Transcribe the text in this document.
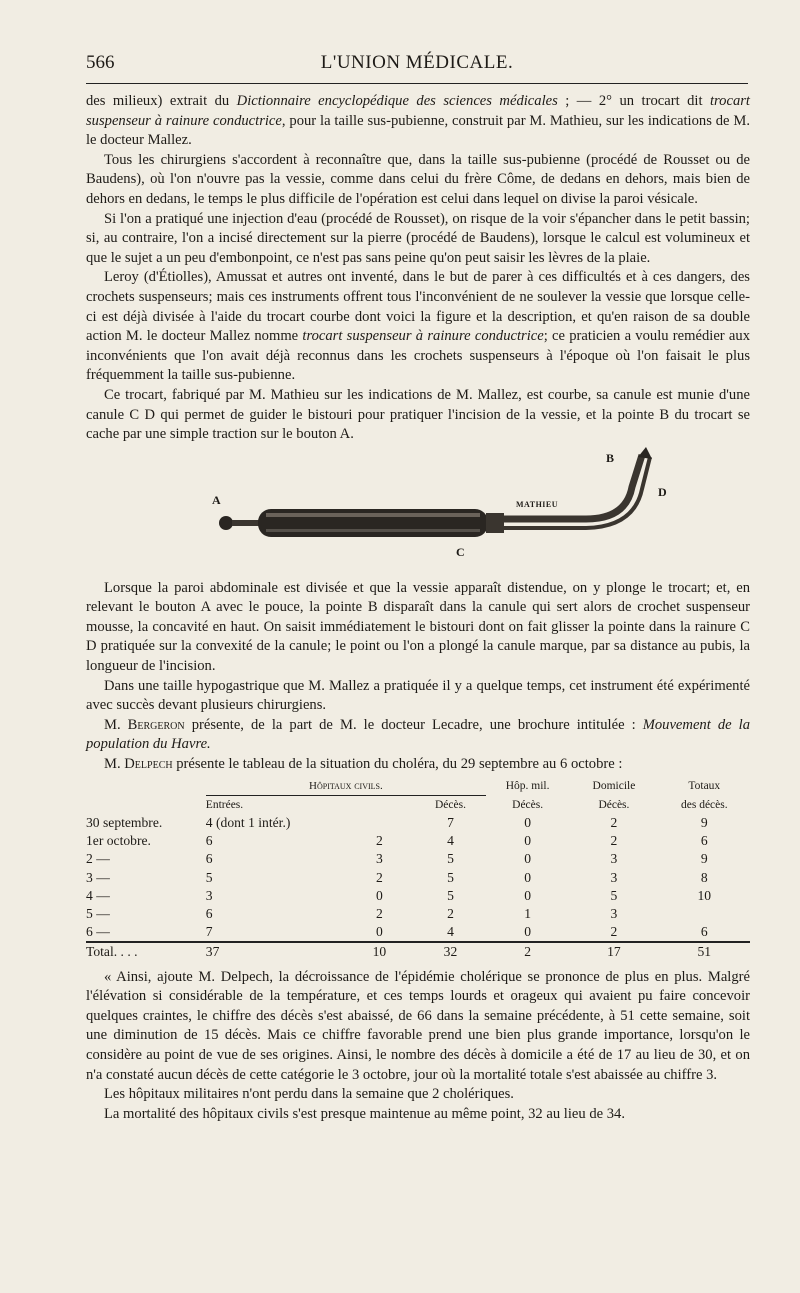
566	L'UNION MÉDICALE.

des milieux) extrait du Dictionnaire encyclopédique des sciences médicales ; — 2° un trocart dit trocart suspenseur à rainure conductrice, pour la taille sus-pubienne, construit par M. Mathieu, sur les indications de M. le docteur Mallez.

Tous les chirurgiens s'accordent à reconnaître que, dans la taille sus-pubienne (procédé de Rousset ou de Baudens), où l'on n'ouvre pas la vessie, comme dans celui du frère Côme, de dedans en dehors, mais bien de dehors en dedans, le temps le plus difficile de l'opération est celui dans lequel on divise la paroi vésicale.

Si l'on a pratiqué une injection d'eau (procédé de Rousset), on risque de la voir s'épancher dans le petit bassin; si, au contraire, l'on a incisé directement sur la pierre (procédé de Baudens), lorsque le calcul est volumineux et que le sujet a un peu d'embonpoint, ce n'est pas sans peine qu'on peut saisir les lèvres de la plaie.

Leroy (d'Étiolles), Amussat et autres ont inventé, dans le but de parer à ces difficultés et à ces dangers, des crochets suspenseurs; mais ces instruments offrent tous l'inconvénient de ne soulever la vessie que lorsque celle-ci est déjà divisée à l'aide du trocart courbe dont voici la figure et la description, et qu'en raison de sa double action M. le docteur Mallez nomme trocart suspenseur à rainure conductrice; ce praticien a voulu remédier aux inconvénients que l'on avait déjà reconnus dans les crochets suspenseurs à l'époque où l'on faisait le plus fréquemment la taille sus-pubienne.

Ce trocart, fabriqué par M. Mathieu sur les indications de M. Mallez, est courbe, sa canule est munie d'une canule C D qui permet de guider le bistouri pour pratiquer l'incision de la vessie, et la pointe B du trocart se cache par une simple traction sur le bouton A.

A
B
C
D
MATHIEU

Lorsque la paroi abdominale est divisée et que la vessie apparaît distendue, on y plonge le trocart; et, en relevant le bouton A avec le pouce, la pointe B disparaît dans la canule qui sert alors de crochet suspenseur mousse, la concavité en haut. On saisit immédiatement le bistouri dont on fait glisser la pointe dans la rainure C D pratiquée sur la convexité de la canule; le point ou l'on a plongé la canule marque, par sa distance au pubis, la longueur de l'incision.

Dans une taille hypogastrique que M. Mallez a pratiquée il y a quelque temps, cet instrument été expérimenté avec succès devant plusieurs chirurgiens.

M. Bergeron présente, de la part de M. le docteur Lecadre, une brochure intitulée : Mouvement de la population du Havre.

M. Delpech présente le tableau de la situation du choléra, du 29 septembre au 6 octobre :

	Hôpitaux civils.			Hôp. mil.	Domicile	Totaux
	Entrées.		Décès.	Décès.	Décès.	des décès.
30 septembre.	4 (dont 1 intér.)		7	0	2	9
1er octobre.	6	2	4	0	2	6
2 —	6	3	5	0	3	9
3 —	5	2	5	0	3	8
4 —	3	0	5	0	5	10
5 —	6	2	2	1	3	
6 —	7	0	4	0	2	6
Total. . . .	37	10	32	2	17	51

« Ainsi, ajoute M. Delpech, la décroissance de l'épidémie cholérique se prononce de plus en plus. Malgré l'élévation si considérable de la température, et ces temps lourds et orageux qui avaient pu faire concevoir quelques craintes, le chiffre des décès s'est abaissé, de 66 dans la semaine précédente, à 51 cette semaine, soit une diminution de 15 décès. Mais ce chiffre favorable prend une bien plus grande importance, lorsqu'on le considère au point de vue de ses origines. Ainsi, le nombre des décès à domicile a été de 17 au lieu de 30, et on n'a constaté aucun décès de cette catégorie le 3 octobre, jour où la mortalité totale s'est abaissée au chiffre 3.

Les hôpitaux militaires n'ont perdu dans la semaine que 2 cholériques.

La mortalité des hôpitaux civils s'est presque maintenue au même point, 32 au lieu de 34.
